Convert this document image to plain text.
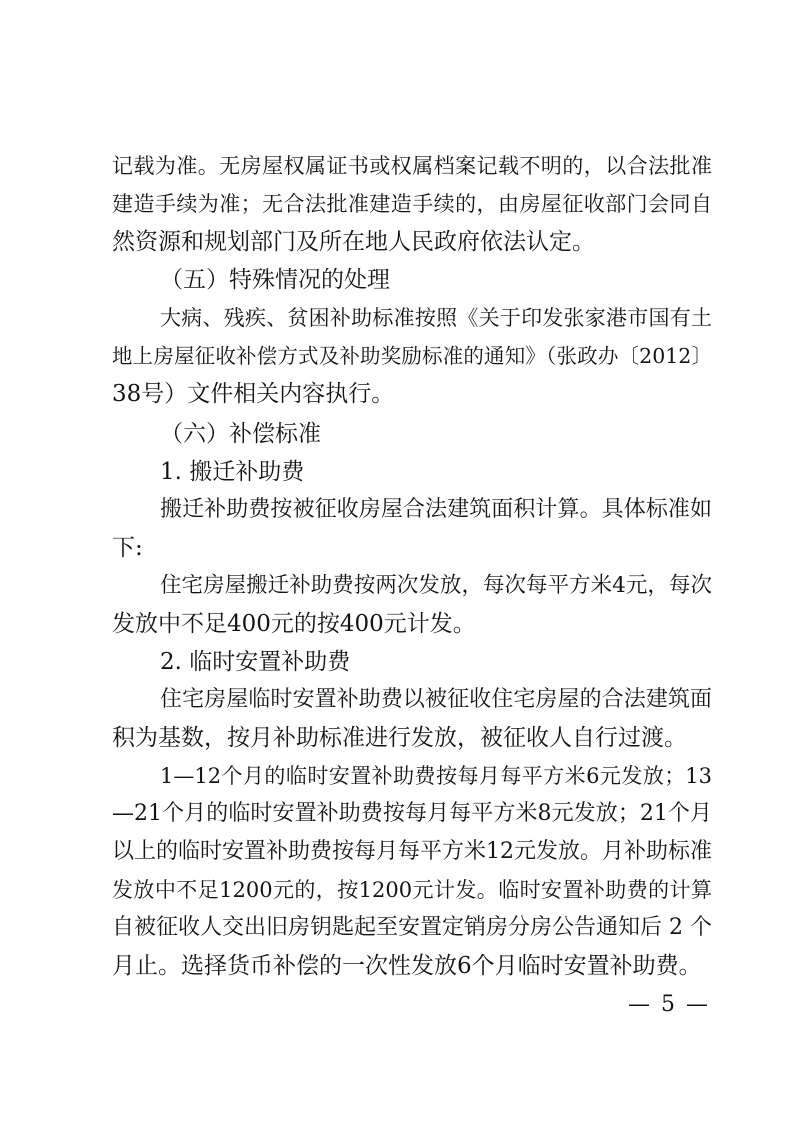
记载为准。无房屋权属证书或权属档案记载不明的，以合法批准
建造手续为准；无合法批准建造手续的，由房屋征收部门会同自
然资源和规划部门及所在地人民政府依法认定。
（五）特殊情况的处理
大病、残疾、贫困补助标准按照《关于印发张家港市国有土
地上房屋征收补偿方式及补助奖励标准的通知》（张政办〔2012〕
38号）文件相关内容执行。
（六）补偿标准
1. 搬迁补助费
搬迁补助费按被征收房屋合法建筑面积计算。具体标准如
下:
住宅房屋搬迁补助费按两次发放，每次每平方米4元，每次
发放中不足400元的按400元计发。
2. 临时安置补助费
住宅房屋临时安置补助费以被征收住宅房屋的合法建筑面
积为基数，按月补助标准进行发放，被征收人自行过渡。
1—12个月的临时安置补助费按每月每平方米6元发放；13
—21个月的临时安置补助费按每月每平方米8元发放；21个月
以上的临时安置补助费按每月每平方米12元发放。月补助标准
发放中不足1200元的，按1200元计发。临时安置补助费的计算
自被征收人交出旧房钥匙起至安置定销房分房公告通知后 2 个
月止。选择货币补偿的一次性发放6个月临时安置补助费。
— 5 —
